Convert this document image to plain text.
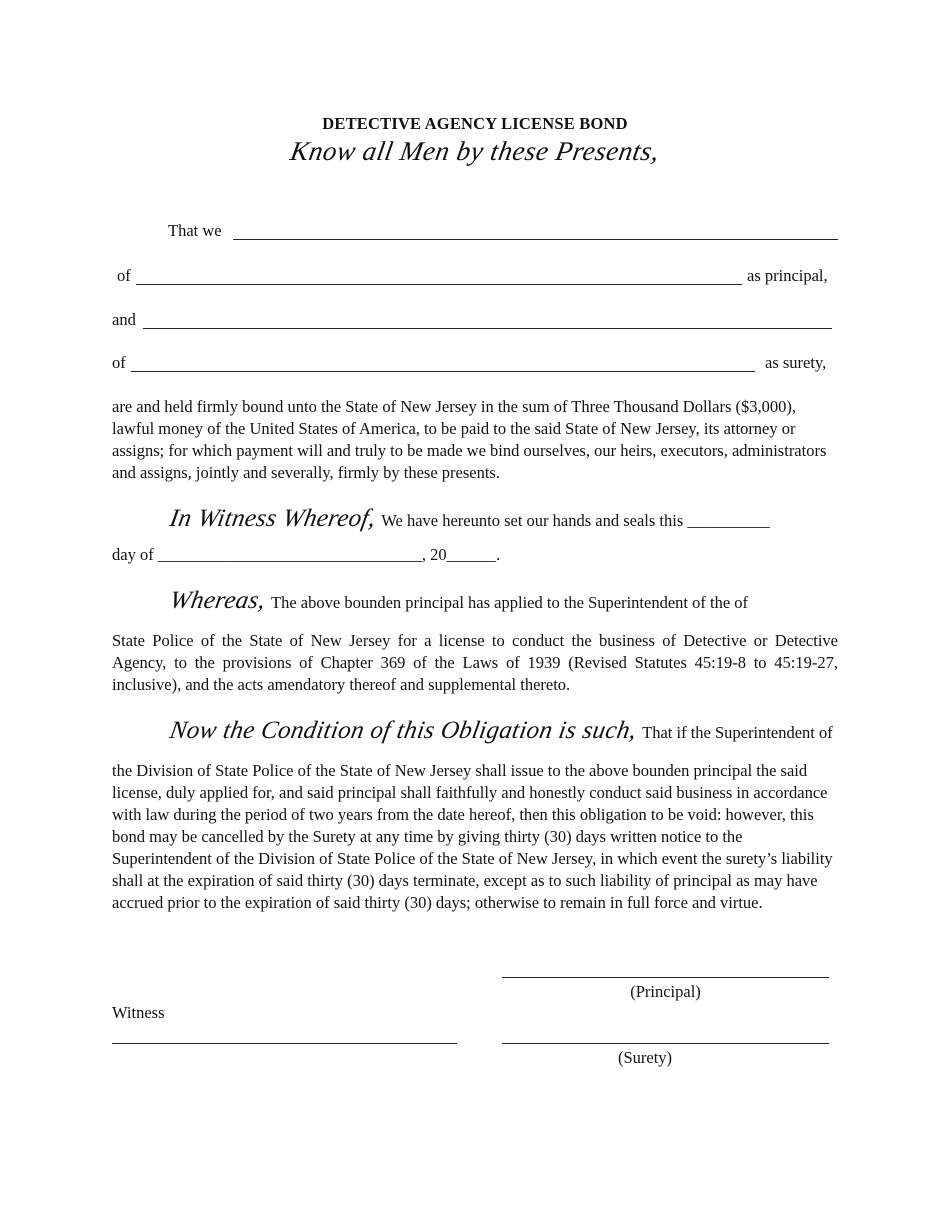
DETECTIVE AGENCY LICENSE BOND
Know all Men by these Presents,
That we
of	as principal,
and
of	as surety,
are and held firmly bound unto the State of New Jersey in the sum of Three Thousand Dollars ($3,000), lawful money of the United States of America, to be paid to the said State of New Jersey, its attorney or assigns; for which payment will and truly to be made we bind ourselves, our heirs, executors, administrators and assigns, jointly and severally, firmly by these presents.
In Witness Whereof, We have hereunto set our hands and seals this __________
day of ________________________________, 20______.
Whereas, The above bounden principal has applied to the Superintendent of the of
State Police of the State of New Jersey for a license to conduct the business of Detective or Detective Agency, to the provisions of Chapter 369 of the Laws of 1939 (Revised Statutes 45:19-8 to 45:19-27, inclusive), and the acts amendatory thereof and supplemental thereto.
Now the Condition of this Obligation is such, That if the Superintendent of
the Division of State Police of the State of New Jersey shall issue to the above bounden principal the said license, duly applied for, and said principal shall faithfully and honestly conduct said business in accordance with law during the period of two years from the date hereof, then this obligation to be void: however, this bond may be cancelled by the Surety at any time by giving thirty (30) days written notice to the Superintendent of the Division of State Police of the State of New Jersey, in which event the surety’s liability shall at the expiration of said thirty (30) days terminate, except as to such liability of principal as may have accrued prior to the expiration of said thirty (30) days; otherwise to remain in full force and virtue.
(Principal)
Witness
(Surety)
